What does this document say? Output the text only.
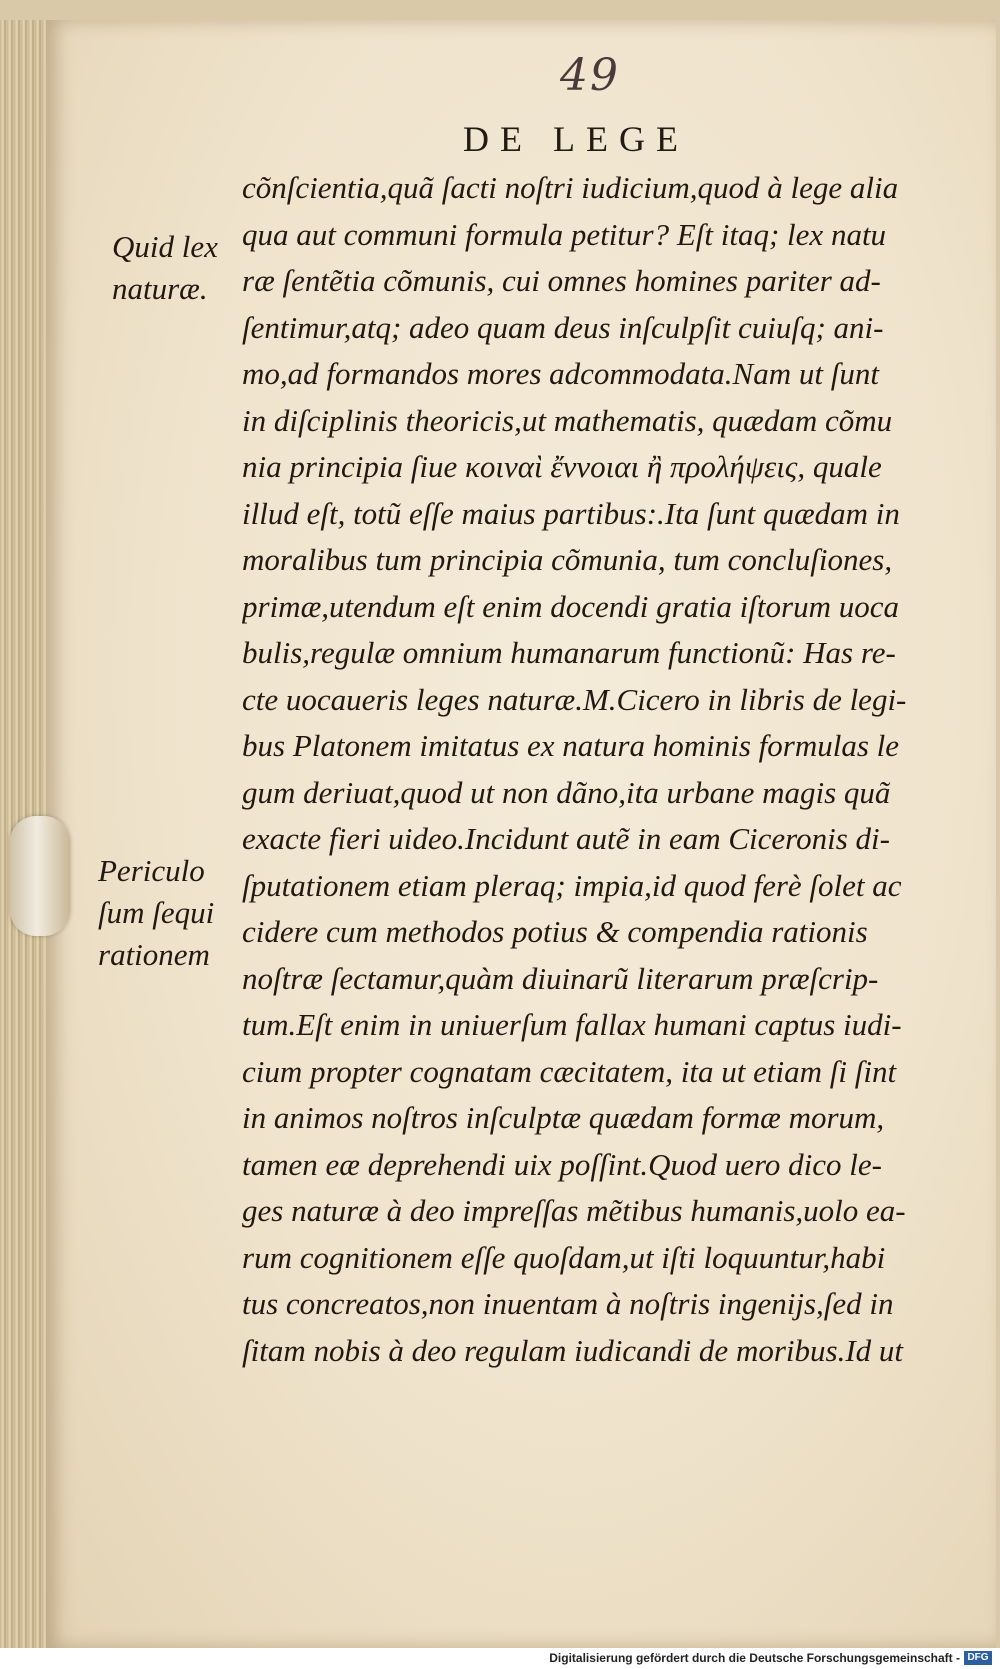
49
DE LEGE
Quid lex
naturæ.
Periculo
ſum ſequi
rationem
cõnſcientia,quã ſacti noſtri iudicium,quod à lege alia
qua aut communi formula petitur? Eſt itaq; lex natu
ræ ſentẽtia cõmunis, cui omnes homines pariter ad-
ſentimur,atq; adeo quam deus inſculpſit cuiuſq; ani-
mo,ad formandos mores adcommodata.Nam ut ſunt
in diſciplinis theoricis,ut mathematis, quædam cõmu
nia principia ſiue κοιναὶ ἔννοιαι ἢ προλήψεις, quale
illud eſt, totũ eſſe maius partibus:.Ita ſunt quædam in
moralibus tum principia cõmunia, tum concluſiones,
primæ,utendum eſt enim docendi gratia iſtorum uoca
bulis,regulæ omnium humanarum functionũ: Has re-
cte uocaueris leges naturæ.M.Cicero in libris de legi-
bus Platonem imitatus ex natura hominis formulas le
gum deriuat,quod ut non dãno,ita urbane magis quã
exacte fieri uideo.Incidunt autẽ in eam Ciceronis di-
ſputationem etiam pleraq; impia,id quod ferè ſolet ac
cidere cum methodos potius & compendia rationis
noſtræ ſectamur,quàm diuinarũ literarum præſcrip-
tum.Eſt enim in uniuerſum fallax humani captus iudi-
cium propter cognatam cæcitatem, ita ut etiam ſi ſint
in animos noſtros inſculptæ quædam formæ morum,
tamen eæ deprehendi uix poſſint.Quod uero dico le-
ges naturæ à deo impreſſas mẽtibus humanis,uolo ea-
rum cognitionem eſſe quoſdam,ut iſti loquuntur,habi
tus concreatos,non inuentam à noſtris ingenijs,ſed in
ſitam nobis à deo regulam iudicandi de moribus.Id ut
Digitalisierung gefördert durch die Deutsche Forschungsgemeinschaft - DFG
